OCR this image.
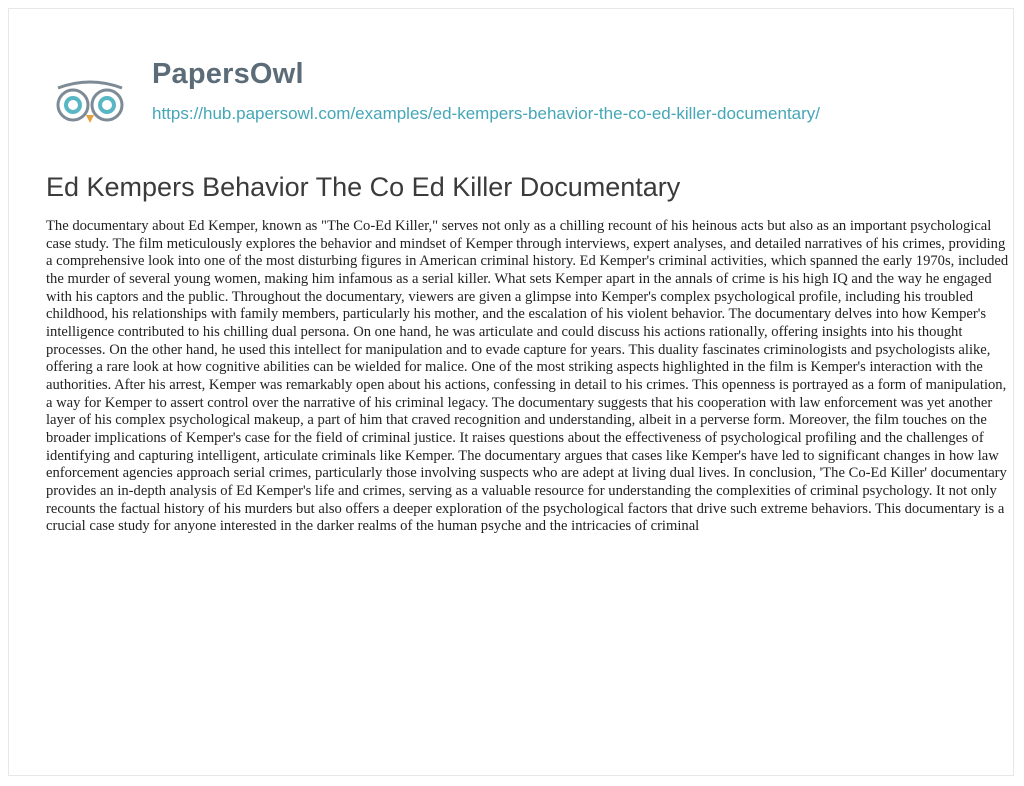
PapersOwl
https://hub.papersowl.com/examples/ed-kempers-behavior-the-co-ed-killer-documentary/
Ed Kempers Behavior The Co Ed Killer Documentary

The documentary about Ed Kemper, known as "The Co-Ed Killer," serves not only as a chilling recount of his heinous acts but also as an important psychological case study. The film meticulously explores the behavior and mindset of Kemper through interviews, expert analyses, and detailed narratives of his crimes, providing a comprehensive look into one of the most disturbing figures in American criminal history. Ed Kemper's criminal activities, which spanned the early 1970s, included the murder of several young women, making him infamous as a serial killer. What sets Kemper apart in the annals of crime is his high IQ and the way he engaged with his captors and the public. Throughout the documentary, viewers are given a glimpse into Kemper's complex psychological profile, including his troubled childhood, his relationships with family members, particularly his mother, and the escalation of his violent behavior. The documentary delves into how Kemper's intelligence contributed to his chilling dual persona. On one hand, he was articulate and could discuss his actions rationally, offering insights into his thought processes. On the other hand, he used this intellect for manipulation and to evade capture for years. This duality fascinates criminologists and psychologists alike, offering a rare look at how cognitive abilities can be wielded for malice. One of the most striking aspects highlighted in the film is Kemper's interaction with the authorities. After his arrest, Kemper was remarkably open about his actions, confessing in detail to his crimes. This openness is portrayed as a form of manipulation, a way for Kemper to assert control over the narrative of his criminal legacy. The documentary suggests that his cooperation with law enforcement was yet another layer of his complex psychological makeup, a part of him that craved recognition and understanding, albeit in a perverse form. Moreover, the film touches on the broader implications of Kemper's case for the field of criminal justice. It raises questions about the effectiveness of psychological profiling and the challenges of identifying and capturing intelligent, articulate criminals like Kemper. The documentary argues that cases like Kemper's have led to significant changes in how law enforcement agencies approach serial crimes, particularly those involving suspects who are adept at living dual lives. In conclusion, 'The Co-Ed Killer' documentary provides an in-depth analysis of Ed Kemper's life and crimes, serving as a valuable resource for understanding the complexities of criminal psychology. It not only recounts the factual history of his murders but also offers a deeper exploration of the psychological factors that drive such extreme behaviors. This documentary is a crucial case study for anyone interested in the darker realms of the human psyche and the intricacies of criminal
